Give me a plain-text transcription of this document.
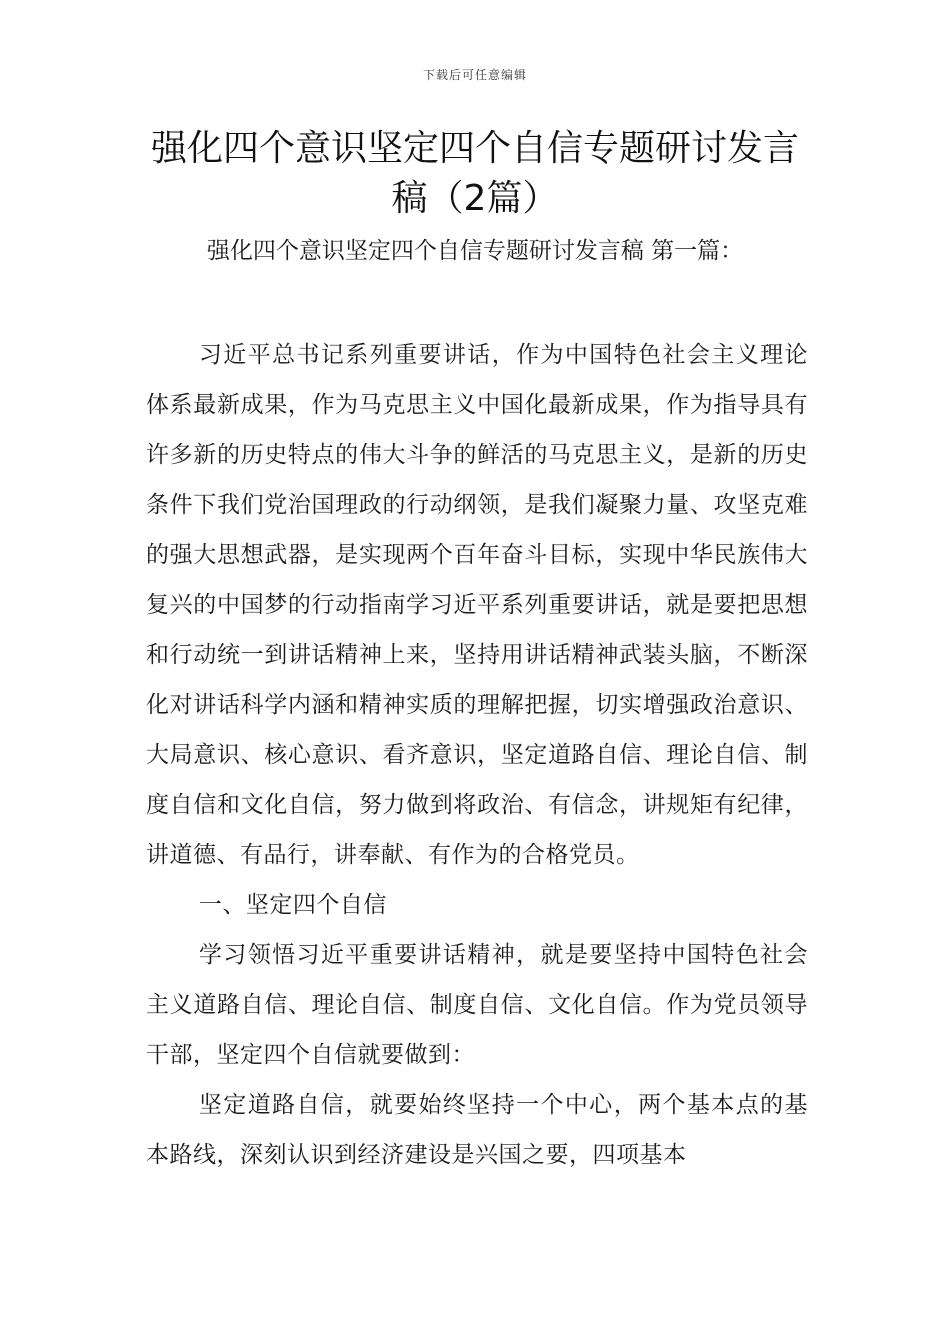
下载后可任意编辑
强化四个意识坚定四个自信专题研讨发言稿（2篇）
强化四个意识坚定四个自信专题研讨发言稿 第一篇：

习近平总书记系列重要讲话，作为中国特色社会主义理论体系最新成果，作为马克思主义中国化最新成果，作为指导具有许多新的历史特点的伟大斗争的鲜活的马克思主义，是新的历史条件下我们党治国理政的行动纲领，是我们凝聚力量、攻坚克难的强大思想武器，是实现两个百年奋斗目标，实现中华民族伟大复兴的中国梦的行动指南学习近平系列重要讲话，就是要把思想和行动统一到讲话精神上来，坚持用讲话精神武装头脑，不断深化对讲话科学内涵和精神实质的理解把握，切实增强政治意识、大局意识、核心意识、看齐意识，坚定道路自信、理论自信、制度自信和文化自信，努力做到将政治、有信念，讲规矩有纪律，讲道德、有品行，讲奉献、有作为的合格党员。

一、坚定四个自信

学习领悟习近平重要讲话精神，就是要坚持中国特色社会主义道路自信、理论自信、制度自信、文化自信。作为党员领导干部，坚定四个自信就要做到：

坚定道路自信，就要始终坚持一个中心，两个基本点的基本路线，深刻认识到经济建设是兴国之要，四项基本
